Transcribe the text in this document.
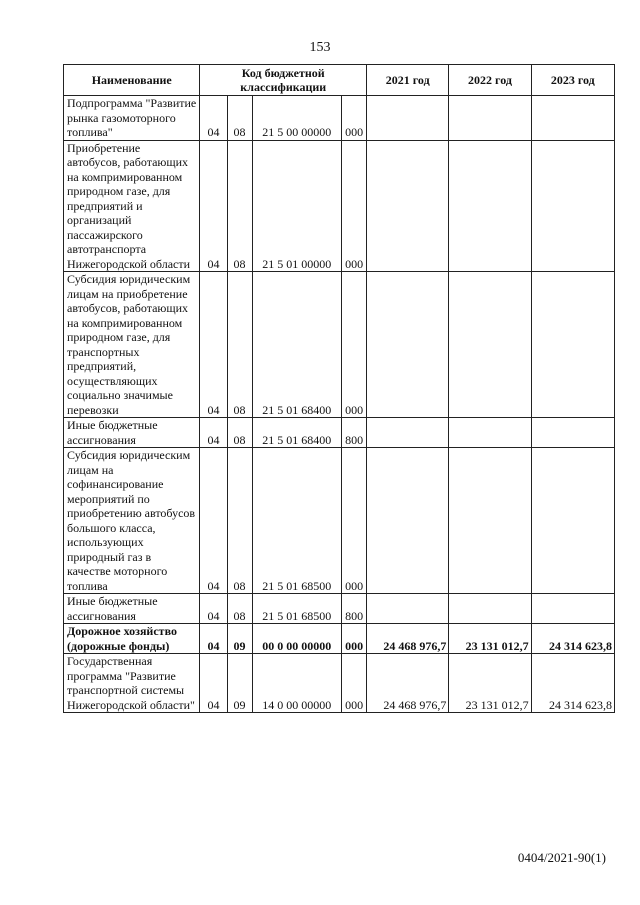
153
Наименование	Код бюджетной классификации				2021 год	2022 год	2023 год
Подпрограмма "Развитие рынка газомоторного топлива"	04	08	21 5 00 00000	000			
Приобретение автобусов, работающих на компримированном природном газе, для предприятий и организаций пассажирского автотранспорта Нижегородской области	04	08	21 5 01 00000	000			
Субсидия юридическим лицам на приобретение автобусов, работающих на компримированном природном газе, для транспортных предприятий, осуществляющих социально значимые перевозки	04	08	21 5 01 68400	000			
Иные бюджетные ассигнования	04	08	21 5 01 68400	800			
Субсидия юридическим лицам на софинансирование мероприятий по приобретению автобусов большого класса, использующих природный газ в качестве моторного топлива	04	08	21 5 01 68500	000			
Иные бюджетные ассигнования	04	08	21 5 01 68500	800			
Дорожное хозяйство (дорожные фонды)	04	09	00 0 00 00000	000	24 468 976,7	23 131 012,7	24 314 623,8
Государственная программа "Развитие транспортной системы Нижегородской области"	04	09	14 0 00 00000	000	24 468 976,7	23 131 012,7	24 314 623,8
0404/2021-90(1)
